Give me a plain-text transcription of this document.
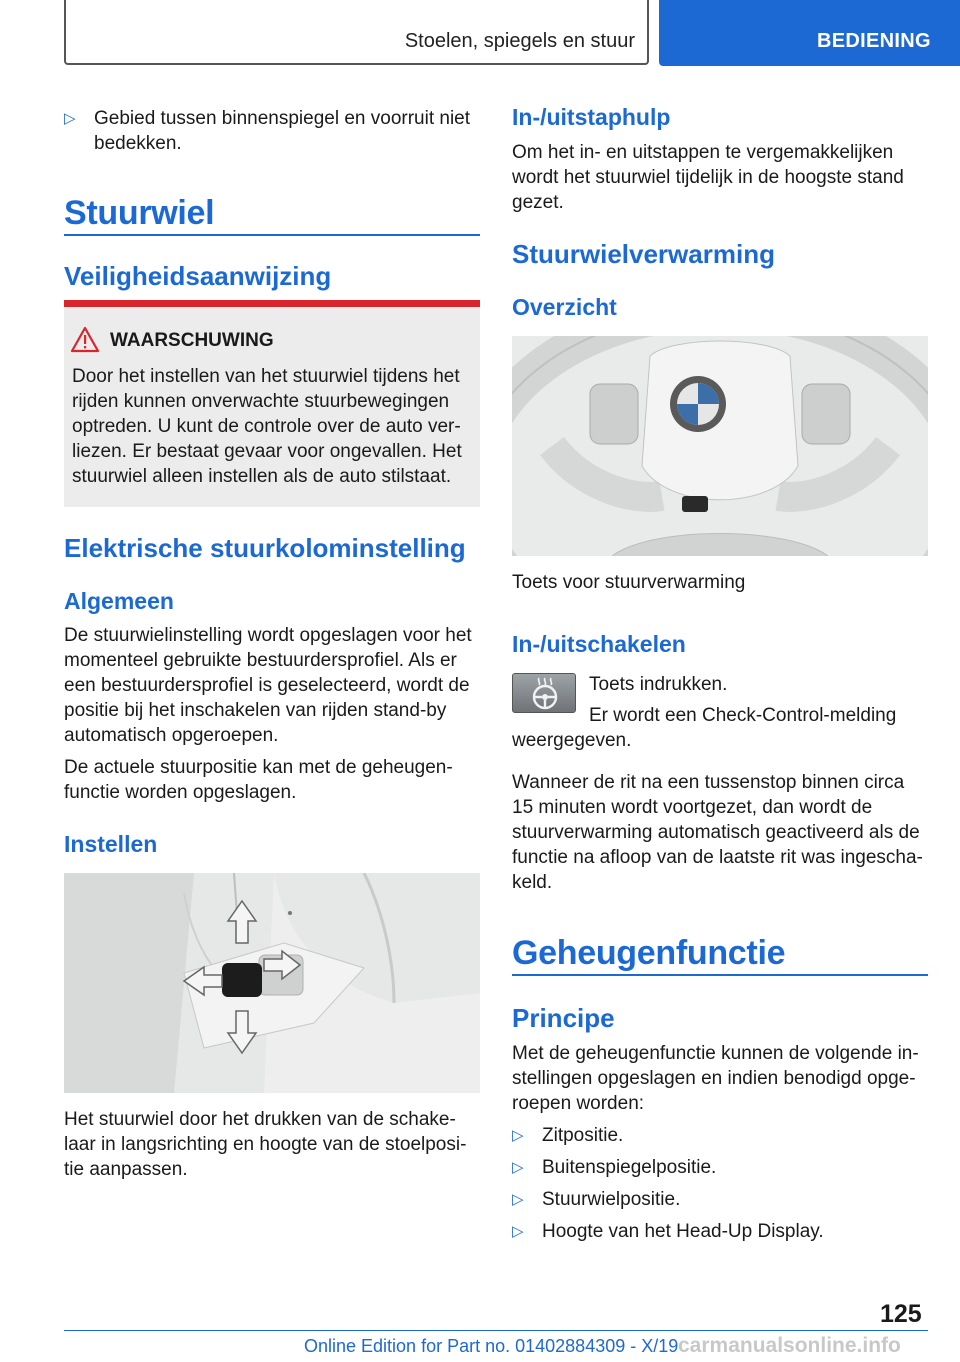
Stoelen, spiegels en stuur	BEDIENING
▷ Gebied tussen binnenspiegel en voorruit niet
bedekken.
Stuurwiel
Veiligheidsaanwijzing
WAARSCHUWING
Door het instellen van het stuurwiel tijdens het
rijden kunnen onverwachte stuurbewegingen
optreden. U kunt de controle over de auto ver-
liezen. Er bestaat gevaar voor ongevallen. Het
stuurwiel alleen instellen als de auto stilstaat.
Elektrische stuurkolominstelling
Algemeen
De stuurwielinstelling wordt opgeslagen voor het
momenteel gebruikte bestuurdersprofiel. Als er
een bestuurdersprofiel is geselecteerd, wordt de
positie bij het inschakelen van rijden stand-by
automatisch opgeroepen.
De actuele stuurpositie kan met de geheugen-
functie worden opgeslagen.
Instellen
Het stuurwiel door het drukken van de schake-
laar in langsrichting en hoogte van de stoelposi-
tie aanpassen.
In-/uitstaphulp
Om het in- en uitstappen te vergemakkelijken
wordt het stuurwiel tijdelijk in de hoogste stand
gezet.
Stuurwielverwarming
Overzicht
Toets voor stuurverwarming
In-/uitschakelen
Toets indrukken.
Er wordt een Check-Control-melding
weergegeven.
Wanneer de rit na een tussenstop binnen circa
15 minuten wordt voortgezet, dan wordt de
stuurverwarming automatisch geactiveerd als de
functie na afloop van de laatste rit was ingescha-
keld.
Geheugenfunctie
Principe
Met de geheugenfunctie kunnen de volgende in-
stellingen opgeslagen en indien benodigd opge-
roepen worden:
▷ Zitpositie.
▷ Buitenspiegelpositie.
▷ Stuurwielpositie.
▷ Hoogte van het Head-Up Display.
125
Online Edition for Part no. 01402884309 - X/19 carmanualsonline.info
